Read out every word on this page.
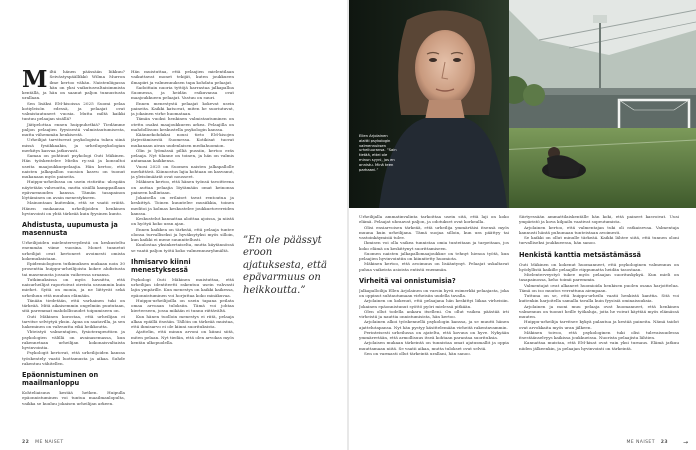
M iltä hänen päässään liikkuu? Seivästyspäällikkö Wilma Murron ilme kertoo vähän. Naistenliigassa hän on yksi vaikutusvaltaisimmista kentällä, ja hän on saanut paljon tunnustusta urallaan.

Sen lisäksi EM-kisoissa 2025 Suomi pelaa kotiyleisön edessä, ja pelaajat ovat valmistautuneet vuosia. Mutta miltä kaikki tuntuu pelaajan sisällä?

Jäitpelottaa ennen huippuhetkiä? Tiedämme paljon pelaajien fyysisestä valmistautumisesta, mutta vähemmän henkisestä.

Urheilijat tarvitsevat psykologista tukea siinä missä fysiikkaakin, ja urheilupsykologian merkitys kasvaa jatkuvasti.

Samaa on pohtinut psykologi Outi Mäkinen. Hän työskentelee Mielin ry:ssä ja konsultoi useita maajoukkuepelaajia. Hän kertoo, että naisten jalkapallon suosion kasvu on tuonut mukanaan myös paineita.

Huippu-urheilussa on usein ristiriita: ulospäin näytetään vahvuutta, mutta sisällä kamppaillaan epävarmuuden kanssa. Tämän tasapainon löytäminen on avain menestykseen.

Mainontaan kuitenkin, että se vaatii eräitä. Hänen mukaansa urheilijoiden henkinen hyvinvointi on yhtä tärkeää kuin fyysinen kunto.

Ahdistusta, uupumusta ja masennusta

Urheilijoiden mielenterveydestä on keskusteltu enemmän viime vuosina. Monet tunnetut urheilijat ovat kertoneet avoimesti omista kokemuksistaan.

Epidemiologisen tutkimuksen mukaan noin 30 prosenttia huippu-urheilijoista kokee ahdistusta tai masennusta jossain vaiheessa uraansa.

Tutkimuksissa on myös havaittu, että naisurheilijat raportoivat oireista useammin kuin miehet. Syitä on monia, ja ne liittyvät sekä urheiluun että muuhun elämään.

Tänään tiedetään, että varhainen tuki on tärkeää. Mitä aikaisemmin ongelmiin puututaan, sitä paremmat mahdollisuudet toipumiseen on.

Outi Mäkinen korostaa, että urheilijan ei tarvitse selviytyä yksin. Apua on saatavilla, ja sen hakeminen on vahvuutta eikä heikkoutta.

Yhteistyö valmentajien, fysioterapeuttien ja psykologien välillä on avainasemassa, kun rakennetaan urheilijan kokonaisvaltaista hyvinvointia.

Psykologit kertovat, että urheilijoiden kanssa työskentely vaatii luottamusta ja aikaa. Suhde rakentuu vähitellen.

Epäonnistuminen on maailmanloppu

Kohteliaisuus kestää hetken. Huipulla epäonnistuminen voi tuntua maailmanlopulta, vaikka se kuuluu jokaisen urheilijan arkeen.

Hän muistuttaa, että pelaajien mielentilaan vaikuttavat monet tekijät, kuten joukkueen ilmapiiri ja valmennuksen tapa kohdata pelaajat.

Sadoittain nuoria tyttöjä harrastaa jalkapalloa Suomessa, ja heidän esikuvansa ovat maajoukkueen pelaajat. Vastuu on suuri.

Ennen menestystä pelaajat kokevat usein paineita. Kaikki katsovat, miten he suoriutuvat, ja jokainen virhe huomataan.

Tämän vuoksi henkinen valmistautuminen on otettu osaksi maajoukkueen arkea. Pelaajilla on mahdollisuus keskustella psykologin kanssa.

Käännekohdaksi nousi tieto EM-kisojen järjestämisestä Suomessa. Kotikisat tuovat mukanaan aivan uudenlaisen mediahuomion.

Olin jo lyömässä pilliä pussiin, kertoo eräs pelaaja. Nyt tilanne on toinen, ja hän on valmis antamaan kaikkensa.

Vuosi 2025 on Suomen naisten jalkapallolle merkittävä. Kiinnostus lajia kohtaan on kasvanut, ja yleisömäärät ovat nousseet.

Mäkinen kertoo, että hänen työnsä tavoitteena on auttaa pelaajia löytämään omat keinonsa paineen hallintaan.

Jokaisella on erilaiset tavat rentoutua ja keskittyä. Toinen kuuntelee musiikkia, toinen meditoi ja kolmas keskustelee joukkuetovereiden kanssa.

Keskustelut kannattaa aloittaa ajoissa, ja niistä on hyötyä koko uran ajan.

Ennen kaikkea on tärkeää, että pelaaja tuntee olonsa turvalliseksi ja hyväksytyksi myös silloin, kun kaikki ei mene suunnitellusti.

Kuulostaa yksinkertaiselta, mutta käytännössä se vaatii paljon työtä koko valmennusryhmältä.

Ihmisarvo kiinni menestyksessä

Psykologi Outi Mäkinen muistuttaa, että urheilijan identiteetti rakentuu usein vahvasti lajin ympärille. Kun menestys on kaikki kaikessa, epäonnistuminen voi horjuttaa koko minäkuvaa.

Huippu-urheilijoilla on usein tapana peilata omaa arvoaan tuloksiin. Tämä voi johtaa kierteeseen, jossa mikään ei tunnu riittävältä.

Kun hänen tuolloin menestys ei riitä, pelaaja alkaa epäillä itseään. Tällöin on tärkeää muistaa, että ihmisarvo ei ole kiinni suorituksista.

Ajattelin, että minun arvoni on kiinni siitä, miten pelaan. Nyt tiedän, että olen arvokas myös kentän ulkopuolella.

”En ole päässyt eroon ajatuksesta, että epävarmuus on heikkoutta.”
22 ME NAISET
Ellen Arjolainen alaitti psykologin valmennuksen urheiluuransa. ”Sain tietää, ettei ole minun syyni, jos en onnistu. Minä teen parhaani.”

Urheilijalla ammatinvalinta tarkoittaa usein sitä, että laji on koko elämä. Pelaajat uhraavat paljon, ja odotukset ovat korkealla.

Olisi ensiarvoisen tärkeää, että urheilija ymmärtäisi itsensä myös muuna kuin urheilijana. Tämä suojaa silloin, kun ura päättyy tai vastoinkäymisiä tulee.

Ihmisen voi olla vaikea tunnistaa omia tunteitaan ja tarpeitaan, jos koko elämä on keskittynyt suorittamiseen.

Suomen naisten jalkapallomaajoukkue on tehnyt hienoa työtä, kun pelaajien hyvinvointiin on kiinnitetty huomiota.

Mäkinen kertoo, että avoimuus on lisääntynyt. Pelaajat uskaltavat puhua vaikeista asioista entistä enemmän.

Virheitä vai onnistumisia?

Jalkapalloilija Ellen Arjolainen on varsin hyvä esimerkki pelaajasta, joka on oppinut suhtautumaan virheisiin uudella tavalla.

Arjolainen on kokenut, että pelaajana hän keskittyi liikaa virheisiin. Jokainen epäonnistunut syöttö pyöri mielessä pitkään.

Olen ollut todella ankara itselleni. On ollut vaikea päästää irti virheistä ja nauttia onnistumisista, hän kertoo.

Arjolainen alkoi työskennellä psykologin kanssa, ja se muutti hänen ajattelutapansa. Nyt hän pystyy käsittelemään virheitä rakentavammin.

Perinteisesti urheilussa on ajateltu, että kovuus on hyve. Nykyään ymmärretään, että armollisuus itseä kohtaan parantaa suorituksia.

Arjolaisen mukaan tärkeintä on tunnistaa omat ajatusmallit ja oppia muuttamaan niitä. Se vaatii aikaa, mutta tulokset ovat selviä.

Sen on varmasti ollut tärkeintä urallani, hän sanoo.

Siirtyessään ammattilaiskentälle hän koki, että paineet kasvoivat. Uusi ympäristö ja kova kilpailu vaativat sopeutumista.

Arjolainen kertoo, että valmentajan tuki oli ratkaisevaa. Valmentaja kannusti häntä puhumaan tunteistaan avoimesti.

Se kaikki on ollut minulle tärkeää. Kaikki lähtee siitä, että tunnen oloni turvalliseksi joukkueessa, hän sanoo.

Henkistä kanttia metsästämässä

Outi Mäkinen on kokenut huomanneet, että psykologinen valmennus on hyödyllistä kaikille pelaajille riippumatta heidän tasostaan.

Mielenterveystyö tukee myös pelaajan suorituskykyä. Kun mieli on tasapainossa, keho toimii paremmin.

Valmentajat ovat alkaneet huomioida henkisen puolen osana harjoittelua. Tämä on iso muutos verrattuna aiempaan.

Tuttuna on se, että huippu-urheilu vaatii henkistä kanttia. Sitä voi kuitenkin harjoitella samalla tavalla kuin fyysisiä ominaisuuksia.

Arjolainen ja moni muu pelaaja ovat huomanneet, että henkinen valmennus on tuonut heille työkaluja, joita he voivat käyttää myös elämässä muuten.

Huippu-urheilija tarvitsee kykyä palautua ja kestää paineita. Nämä taidot ovat arvokkaita myös uran jälkeen.

Mäkinen toivoo, että psykologinen tuki olisi tulevaisuudessa itsestäänselvyys kaikissa joukkueissa. Nuorista pelaajista lähtien.

Kannattaa muistaa, että EM-kisat ovat vain yksi turnaus. Elämä jatkuu niiden jälkeenkin, ja pelaajan hyvinvointi on tärkeintä.

ME NAISET 23 →
